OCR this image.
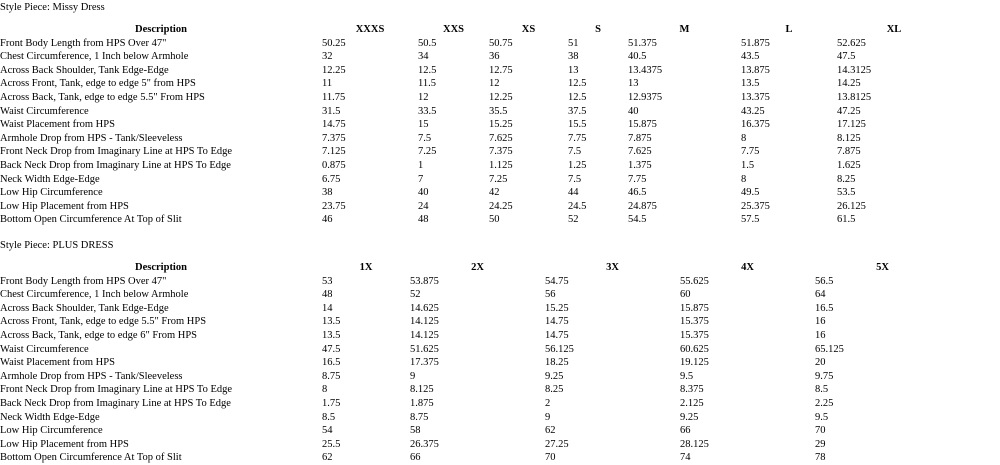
Style Piece: Missy Dress
Description	XXXS	XXS	XS	S	M	L	XL
Front Body Length from HPS Over 47"	50.25	50.5	50.75	51	51.375	51.875	52.625
Chest Circumference, 1 Inch below Armhole	32	34	36	38	40.5	43.5	47.5
Across Back Shoulder, Tank Edge-Edge	12.25	12.5	12.75	13	13.4375	13.875	14.3125
Across Front, Tank, edge to edge 5" from HPS	11	11.5	12	12.5	13	13.5	14.25
Across Back, Tank, edge to edge 5.5" From HPS	11.75	12	12.25	12.5	12.9375	13.375	13.8125
Waist Circumference	31.5	33.5	35.5	37.5	40	43.25	47.25
Waist Placement from HPS	14.75	15	15.25	15.5	15.875	16.375	17.125
Armhole Drop from HPS - Tank/Sleeveless	7.375	7.5	7.625	7.75	7.875	8	8.125
Front Neck Drop from Imaginary Line at HPS To Edge	7.125	7.25	7.375	7.5	7.625	7.75	7.875
Back Neck Drop from Imaginary Line at HPS To Edge	0.875	1	1.125	1.25	1.375	1.5	1.625
Neck Width Edge-Edge	6.75	7	7.25	7.5	7.75	8	8.25
Low Hip Circumference	38	40	42	44	46.5	49.5	53.5
Low Hip Placement from HPS	23.75	24	24.25	24.5	24.875	25.375	26.125
Bottom Open Circumference At Top of Slit	46	48	50	52	54.5	57.5	61.5
Style Piece: PLUS DRESS
Description	1X	2X	3X	4X	5X
Front Body Length from HPS Over 47"	53	53.875	54.75	55.625	56.5
Chest Circumference, 1 Inch below Armhole	48	52	56	60	64
Across Back Shoulder, Tank Edge-Edge	14	14.625	15.25	15.875	16.5
Across Front, Tank, edge to edge 5.5" From HPS	13.5	14.125	14.75	15.375	16
Across Back, Tank, edge to edge 6" From HPS	13.5	14.125	14.75	15.375	16
Waist Circumference	47.5	51.625	56.125	60.625	65.125
Waist Placement from HPS	16.5	17.375	18.25	19.125	20
Armhole Drop from HPS - Tank/Sleeveless	8.75	9	9.25	9.5	9.75
Front Neck Drop from Imaginary Line at HPS To Edge	8	8.125	8.25	8.375	8.5
Back Neck Drop from Imaginary Line at HPS To Edge	1.75	1.875	2	2.125	2.25
Neck Width Edge-Edge	8.5	8.75	9	9.25	9.5
Low Hip Circumference	54	58	62	66	70
Low Hip Placement from HPS	25.5	26.375	27.25	28.125	29
Bottom Open Circumference At Top of Slit	62	66	70	74	78
